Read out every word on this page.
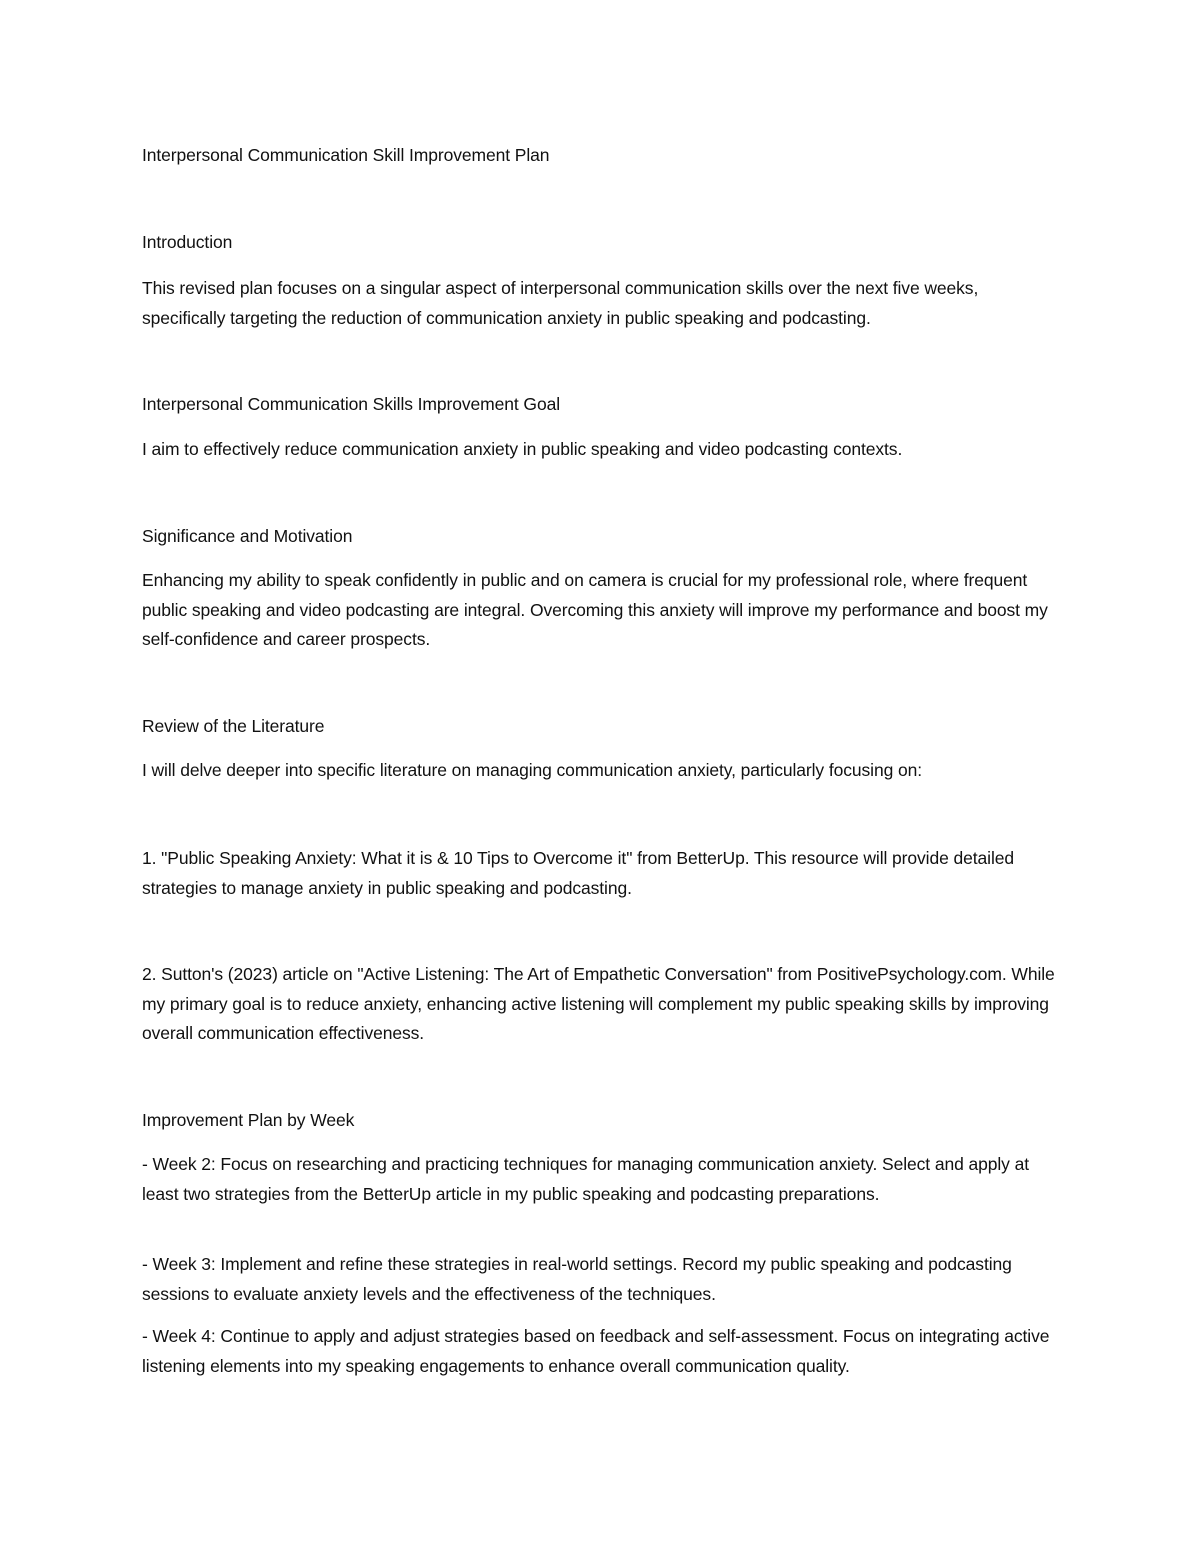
Interpersonal Communication Skill Improvement Plan

Introduction

This revised plan focuses on a singular aspect of interpersonal communication skills over the next five weeks, specifically targeting the reduction of communication anxiety in public speaking and podcasting.

Interpersonal Communication Skills Improvement Goal

I aim to effectively reduce communication anxiety in public speaking and video podcasting contexts.

Significance and Motivation

Enhancing my ability to speak confidently in public and on camera is crucial for my professional role, where frequent public speaking and video podcasting are integral. Overcoming this anxiety will improve my performance and boost my self-confidence and career prospects.

Review of the Literature

I will delve deeper into specific literature on managing communication anxiety, particularly focusing on:

1. "Public Speaking Anxiety: What it is & 10 Tips to Overcome it" from BetterUp. This resource will provide detailed strategies to manage anxiety in public speaking and podcasting.

2. Sutton's (2023) article on "Active Listening: The Art of Empathetic Conversation" from PositivePsychology.com. While my primary goal is to reduce anxiety, enhancing active listening will complement my public speaking skills by improving overall communication effectiveness.

Improvement Plan by Week

- Week 2: Focus on researching and practicing techniques for managing communication anxiety. Select and apply at least two strategies from the BetterUp article in my public speaking and podcasting preparations.

- Week 3: Implement and refine these strategies in real-world settings. Record my public speaking and podcasting sessions to evaluate anxiety levels and the effectiveness of the techniques.

- Week 4: Continue to apply and adjust strategies based on feedback and self-assessment. Focus on integrating active listening elements into my speaking engagements to enhance overall communication quality.
